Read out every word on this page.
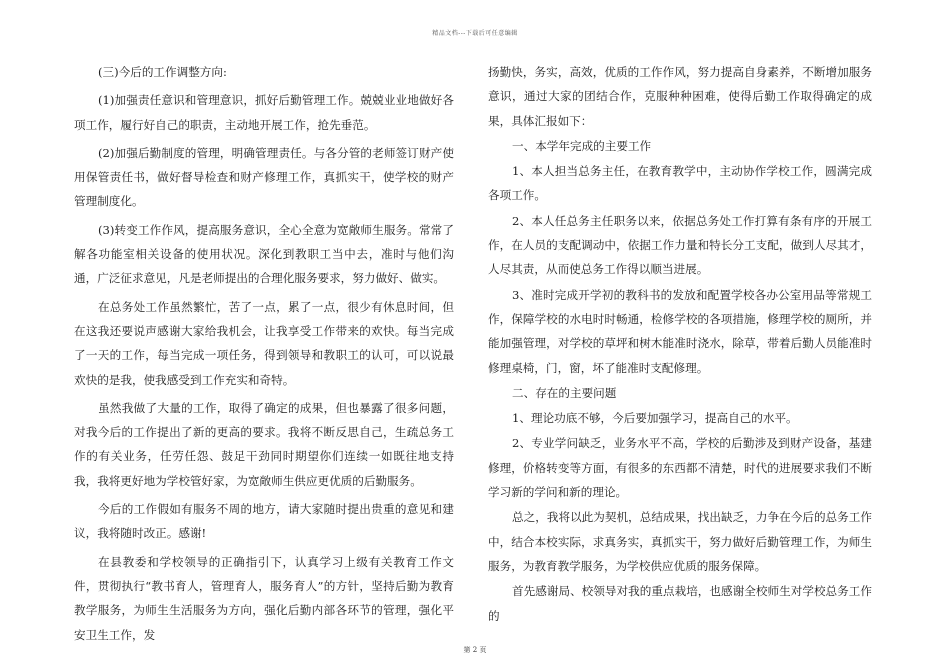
精品文档---下载后可任意编辑

(三)今后的工作调整方向:

(1)加强责任意识和管理意识，抓好后勤管理工作。兢兢业业地做好各项工作，履行好自己的职责，主动地开展工作，抢先垂范。

(2)加强后勤制度的管理，明确管理责任。与各分管的老师签订财产使用保管责任书，做好督导检查和财产修理工作，真抓实干，使学校的财产管理制度化。

(3)转变工作作风，提高服务意识，全心全意为宽敞师生服务。常常了解各功能室相关设备的使用状况。深化到教职工当中去，准时与他们沟通，广泛征求意见，凡是老师提出的合理化服务要求，努力做好、做实。

在总务处工作虽然繁忙，苦了一点，累了一点，很少有休息时间，但在这我还要说声感谢大家给我机会，让我享受工作带来的欢快。每当完成了一天的工作，每当完成一项任务，得到领导和教职工的认可，可以说最欢快的是我，使我感受到工作充实和奇特。

虽然我做了大量的工作，取得了确定的成果，但也暴露了很多问题，对我今后的工作提出了新的更高的要求。我将不断反思自己，生疏总务工作的有关业务，任劳任怨、鼓足干劲同时期望你们连续一如既往地支持我，我将更好地为学校管好家，为宽敞师生供应更优质的后勤服务。

今后的工作假如有服务不周的地方，请大家随时提出贵重的意见和建议，我将随时改正。感谢!

在县教委和学校领导的正确指引下，认真学习上级有关教育工作文件，贯彻执行“教书育人，管理育人，服务育人”的方针，坚持后勤为教育教学服务，为师生生活服务为方向，强化后勤内部各环节的管理，强化平安卫生工作，发

扬勤快，务实，高效，优质的工作作风，努力提高自身素养，不断增加服务意识，通过大家的团结合作，克服种种困难，使得后勤工作取得确定的成果，具体汇报如下：

一、本学年完成的主要工作

1、本人担当总务主任，在教育教学中，主动协作学校工作，圆满完成各项工作。

2、本人任总务主任职务以来，依据总务处工作打算有条有序的开展工作，在人员的支配调动中，依据工作力量和特长分工支配，做到人尽其才，人尽其责，从而使总务工作得以顺当进展。

3、准时完成开学初的教科书的发放和配置学校各办公室用品等常规工作，保障学校的水电时时畅通，检修学校的各项措施，修理学校的厕所，并能加强管理，对学校的草坪和树木能准时浇水，除草，带着后勤人员能准时修理桌椅，门，窗，坏了能准时支配修理。

二、存在的主要问题

1、理论功底不够，今后要加强学习，提高自己的水平。

2、专业学问缺乏，业务水平不高，学校的后勤涉及到财产设备，基建修理，价格转变等方面，有很多的东西都不清楚，时代的进展要求我们不断学习新的学问和新的理论。

总之，我将以此为契机，总结成果，找出缺乏，力争在今后的总务工作中，结合本校实际，求真务实，真抓实干，努力做好后勤管理工作，为师生服务，为教育教学服务，为学校供应优质的服务保障。

首先感谢局、校领导对我的重点栽培，也感谢全校师生对学校总务工作的

第 2 页
